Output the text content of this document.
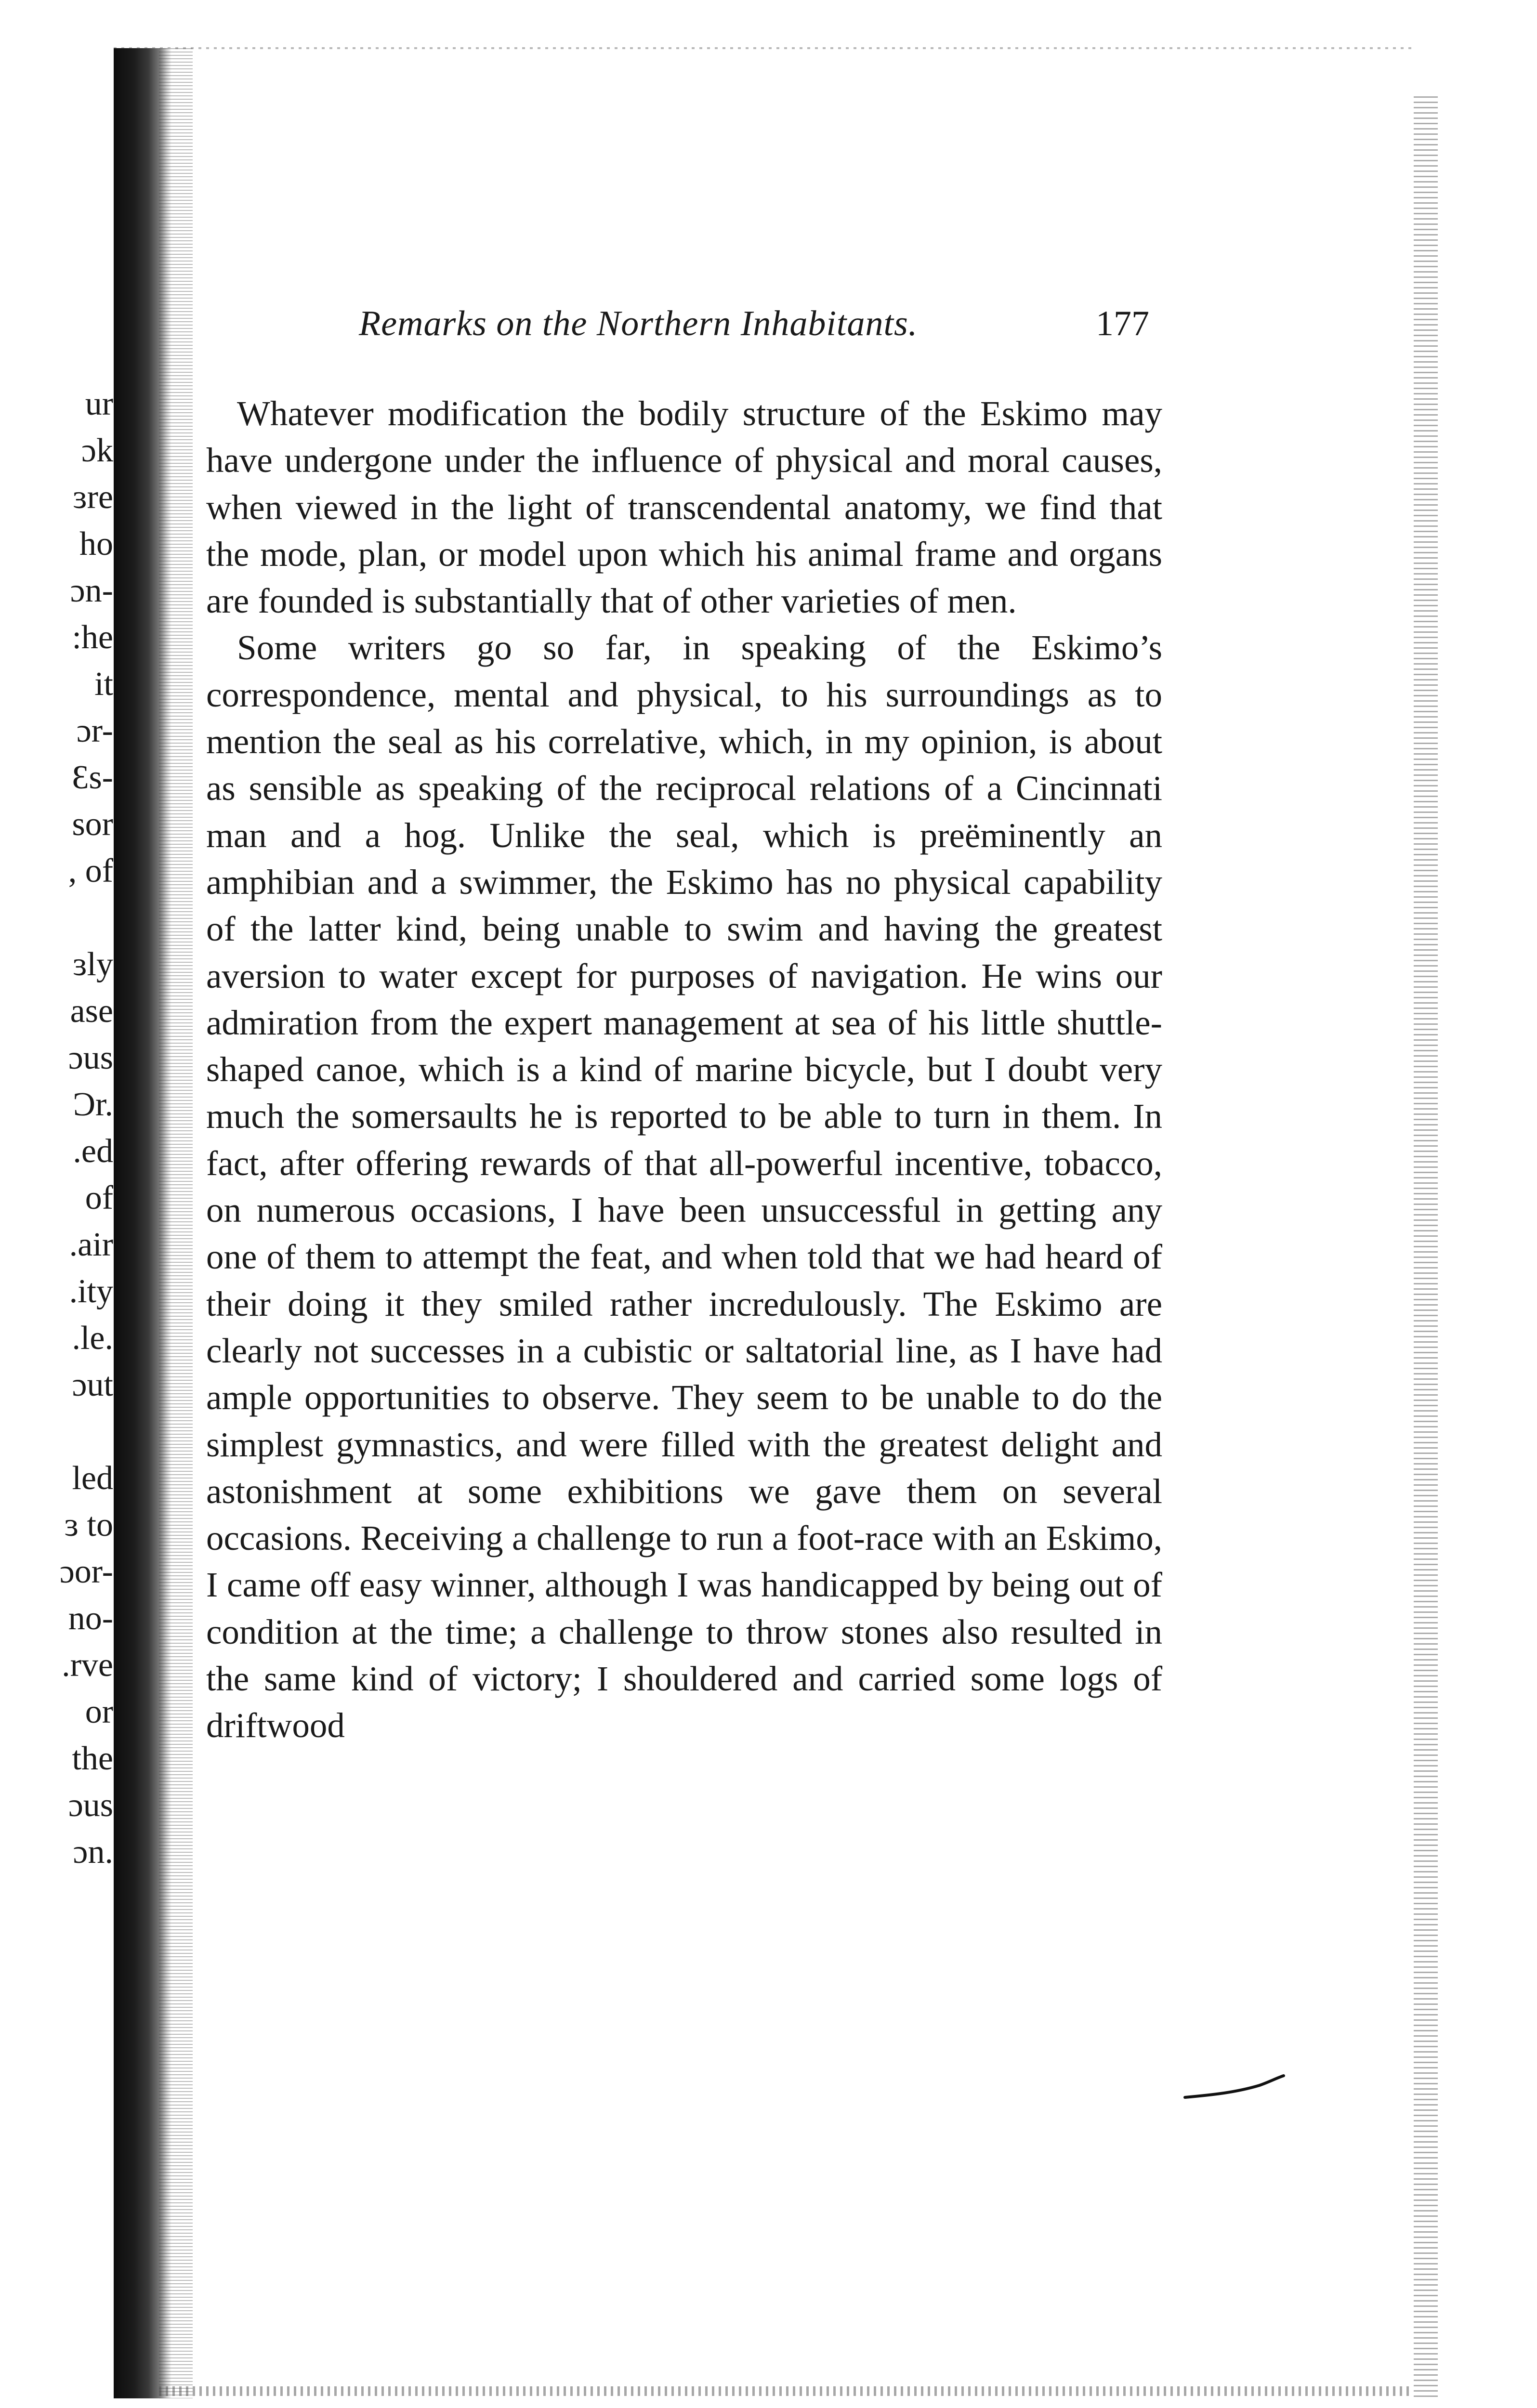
ur
ɔk
ɜre
ho
ɔn-
:he
it
ɔr-
Ɛs-
sor
, of
ɜly
ase
ɔus
Ɔr.
.ed
of
.air
.ity
.le.
ɔut
led
ɜ to
ɔor-
no-
.rve
or
the
ɔus
ɔn.
Remarks on the Northern Inhabitants.	177

Whatever modification the bodily structure of the Eskimo may have undergone under the influence of physical and moral causes, when viewed in the light of transcendental anatomy, we find that the mode, plan, or model upon which his animal frame and organs are founded is substantially that of other varieties of men.

Some writers go so far, in speaking of the Eskimo’s correspondence, mental and physical, to his surroundings as to mention the seal as his correlative, which, in my opinion, is about as sensible as speaking of the reciprocal relations of a Cincinnati man and a hog. Unlike the seal, which is preëminently an amphibian and a swimmer, the Eskimo has no physical capability of the latter kind, being unable to swim and having the greatest aversion to water except for purposes of navigation. He wins our admiration from the expert management at sea of his little shuttle-shaped canoe, which is a kind of marine bicycle, but I doubt very much the somersaults he is reported to be able to turn in them. In fact, after offering rewards of that all-powerful incentive, tobacco, on numerous occasions, I have been unsuccessful in getting any one of them to attempt the feat, and when told that we had heard of their doing it they smiled rather incredulously. The Eskimo are clearly not successes in a cubistic or saltatorial line, as I have had ample opportunities to observe. They seem to be unable to do the simplest gymnastics, and were filled with the greatest delight and astonishment at some exhibitions we gave them on several occasions. Receiving a challenge to run a foot-race with an Eskimo, I came off easy winner, although I was handicapped by being out of condition at the time; a challenge to throw stones also resulted in the same kind of victory; I shouldered and carried some logs of driftwood
